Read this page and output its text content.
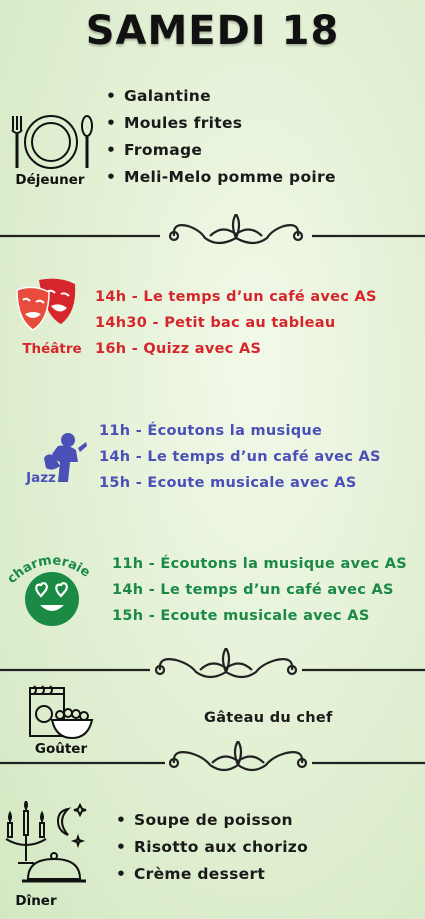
SAMEDI 18
Déjeuner
• Galantine
• Moules frites
• Fromage
• Meli-Melo pomme poire
Théâtre
14h - Le temps d’un café avec AS
14h30 - Petit bac au tableau
16h - Quizz avec AS
Jazz
11h - Écoutons la musique
14h - Le temps d’un café avec AS
15h - Ecoute musicale avec AS
charmeraie 11h - Écoutons la musique avec AS
14h - Le temps d’un café avec AS
15h - Ecoute musicale avec AS
Goûter
Gâteau du chef
Dîner
• Soupe de poisson
• Risotto aux chorizo
• Crème dessert
